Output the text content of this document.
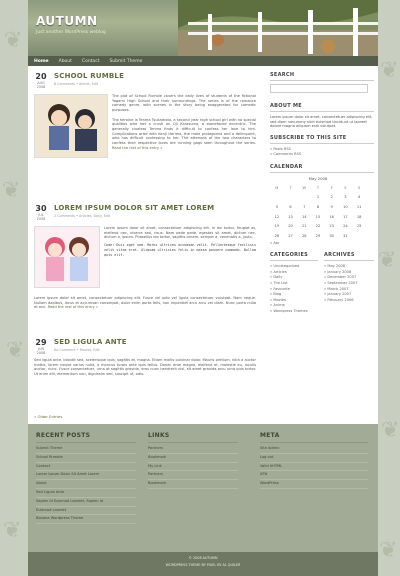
❦
❦
❦
❦
❦
❦
❦
❦
AUTUMN
Just another WordPress weblog
Home About Contact Submit Theme
20
AUG 2008
SCHOOL RUMBLE
6 Comments • Anime, Edit
The plot of School Rumble covers the daily lives of students of the fictional Yagami High School and their surroundings. The series is of the romance comedy genre, with scenes in the story being exaggerated for comedic purposes.

The heroine is Tenma Tsukamoto, a second year high school girl with no special qualities who has a crush on Oji Karasuma, a stonefaced eccentric. The generally clueless Tenma finds it difficult to confess her love to him. Complications arise with Kenji Harima, the male protagonist and a delinquent, who has difficult confessing to her. The attempts of the two characters to confess their respective loves are running gags seen throughout the series. Read the rest of this entry »
30
JUL 2008
LOREM IPSUM DOLOR SIT AMET LOREM
2 Comments • Articles, Daily, Edit
Lorem ipsum dolor sit amet, consectetuer adipiscing elit. In dui tortor, feugiat at, eleifend nec, viverra sed, risus. Nam pede pede, egestas sit amet, dictum nec, dictum a, ipsum. Phasellus leo tortor, sagittis ornare, semper a, venenatis a, justo.
Code: Duis eget sem. Morbi ultrices accumsan velit. Pellentesque facilisis velit vitae erat. Aliquam ultricies felis in massa posuere commodo. Nullam quis elit.
Lorem ipsum dolor sit amet, consectetuer adipiscing elit. Fusce vel odio vel ligula consectetuer volutpat. Nam neque. Nullam dapibus, lacus et accumsan consequat, dolor enim porta felis, non imperdiet arcu arcu vel diam. Nunc porta nulla et orci. Read the rest of this entry »
29
JUN 2008
SED LIGULA ANTE
No Comment • Movies, Edit
Sed ligula ante, blandit sed, scelerisque quis, sagittis et, magna. Etiam mollis pulvinar dolor. Mauris pretium, nibh a auctor mattis, lorem neque varius nulla, a rhoncus turpis ante quis tellus. Donec ante magna, eleifend et, molestie eu, iaculis auctor, nunc. Fusce consectetuer, urna at sagittis gravida, eros nunc hendrerit nisl, sit amet gravida arcu urna quis tortor. Ut enim elit, elementum non, dignissim sed, suscipit ut, odio.
« Older Entries
SEARCH
ABOUT ME
Lorem ipsum dolor sit amet, consectetuer adipiscing elit, sed diam nonummy nibh euismod tincidunt ut laoreet dolore magna aliquam erat volutpat.
SUBSCRIBE TO THIS SITE
» Posts RSS
» Comments RSS
CALENDAR
May 2008
M	T	W	T	F	S	S
			1	2	3	4
5	6	7	8	9	10	11
12	13	14	15	16	17	18
19	20	21	22	23	24	25
26	27	28	29	30	31	
« Apr
CATEGORIES
» Uncategorized
» Articles
» Daily
» The List
» Favourite
» Blog
» Movies
» Anime
» Wordpress Themes
ARCHIVES
» May 2008
» January 2008
» December 2007
» September 2007
» March 2007
» January 2007
» February 2006
RECENT POSTS
Submit Theme
School Rumble
Contact
Lorem Ipsum Dolor Sit Amet Lorem
About
Sed Ligula Ante
Sapien Id Euismod Laoreet, Sapien Id
Euismod Laoreet
Banana Wordpress Theme
LINKS
Partners
Bookmark
My Link
Partners
Bookmark
META
Site Admin
Log out
Valid XHTML
XFN
WordPress
© 2008 AUTUMN
WORDPRESS THEME BY PIXEL BY AL QUILER
